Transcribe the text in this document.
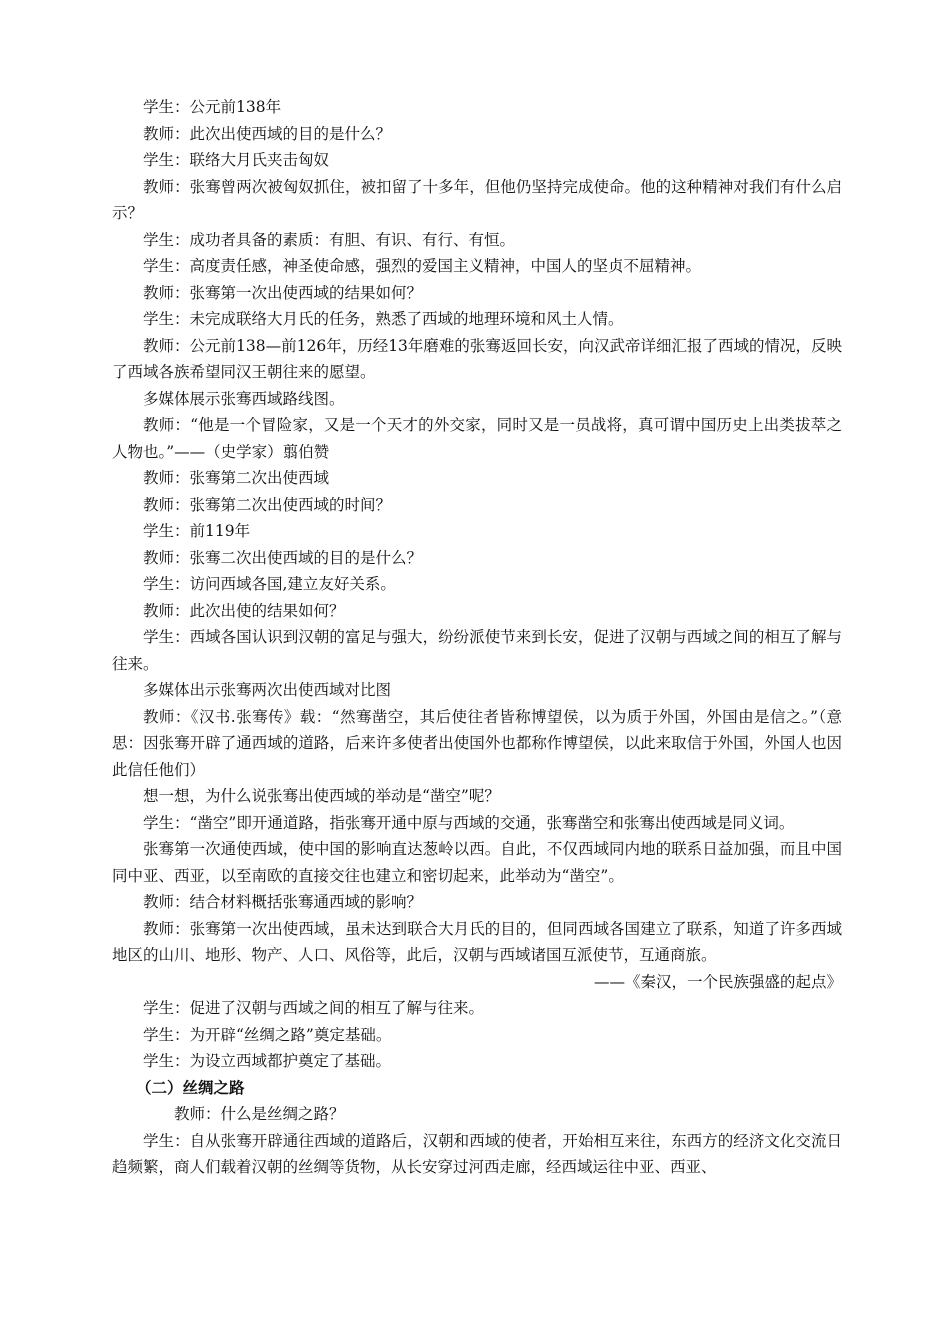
学生：公元前138年

教师：此次出使西域的目的是什么？

学生：联络大月氏夹击匈奴

教师：张骞曾两次被匈奴抓住，被扣留了十多年，但他仍坚持完成使命。他的这种精神对我们有什么启示？

学生：成功者具备的素质：有胆、有识、有行、有恒。

学生：高度责任感，神圣使命感，强烈的爱国主义精神，中国人的坚贞不屈精神。

教师：张骞第一次出使西域的结果如何？

学生：未完成联络大月氏的任务，熟悉了西域的地理环境和风土人情。

教师：公元前138—前126年，历经13年磨难的张骞返回长安，向汉武帝详细汇报了西域的情况，反映了西域各族希望同汉王朝往来的愿望。

多媒体展示张骞西域路线图。

教师：“他是一个冒险家，又是一个天才的外交家，同时又是一员战将，真可谓中国历史上出类拔萃之人物也。”——（史学家）翦伯赞

教师：张骞第二次出使西域

教师：张骞第二次出使西域的时间？

学生：前119年

教师：张骞二次出使西域的目的是什么？

学生：访问西域各国,建立友好关系。

教师：此次出使的结果如何？

学生：西域各国认识到汉朝的富足与强大，纷纷派使节来到长安，促进了汉朝与西域之间的相互了解与往来。

多媒体出示张骞两次出使西域对比图

教师：《汉书.张骞传》载：“然骞凿空，其后使往者皆称博望侯，以为质于外国，外国由是信之。”（意思：因张骞开辟了通西域的道路，后来许多使者出使国外也都称作博望侯，以此来取信于外国，外国人也因此信任他们）

想一想，为什么说张骞出使西域的举动是“凿空”呢？

学生：“凿空”即开通道路，指张骞开通中原与西域的交通，张骞凿空和张骞出使西域是同义词。

张骞第一次通使西域，使中国的影响直达葱岭以西。自此，不仅西域同内地的联系日益加强，而且中国同中亚、西亚，以至南欧的直接交往也建立和密切起来，此举动为“凿空”。

教师：结合材料概括张骞通西域的影响？

教师：张骞第一次出使西域，虽未达到联合大月氏的目的，但同西域各国建立了联系，知道了许多西域地区的山川、地形、物产、人口、风俗等，此后，汉朝与西域诸国互派使节，互通商旅。

——《秦汉，一个民族强盛的起点》

学生：促进了汉朝与西域之间的相互了解与往来。

学生：为开辟“丝绸之路”奠定基础。

学生：为设立西域都护奠定了基础。

（二）丝绸之路

教师：什么是丝绸之路？

学生：自从张骞开辟通往西域的道路后，汉朝和西域的使者，开始相互来往，东西方的经济文化交流日趋频繁，商人们载着汉朝的丝绸等货物，从长安穿过河西走廊，经西域运往中亚、西亚、
